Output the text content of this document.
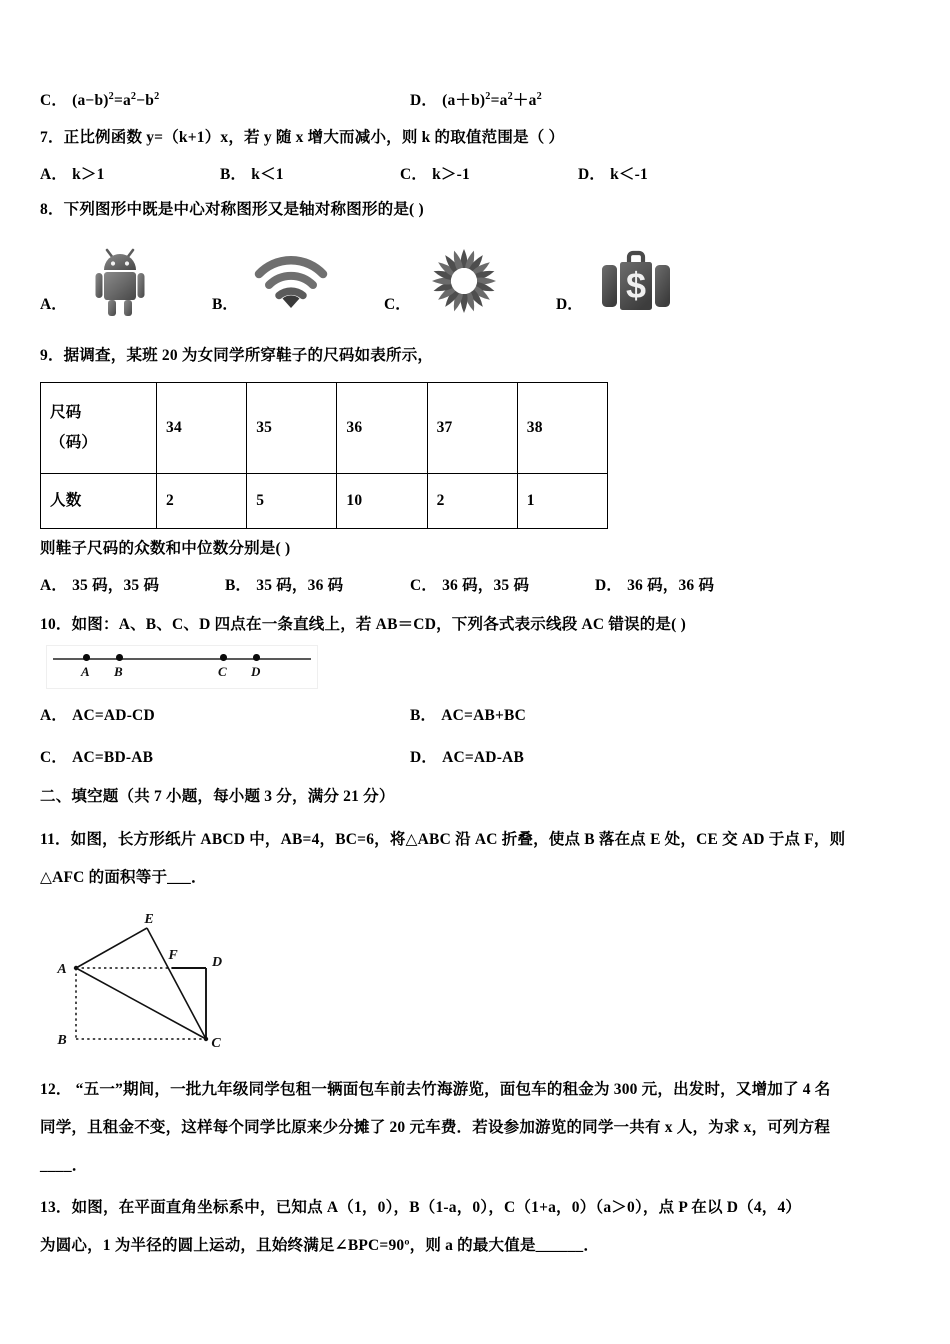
C． $(a-b)^2=a^2-b^2$	D． $(a+b)^2=a^2+a^2$
7．正比例函数 y=（k+1）x，若 y 随 x 增大而减小，则 k 的取值范围是（ ）
A． k＞1	B． k＜1	C． k＞‑1	D． k＜‑1
8．下列图形中既是中心对称图形又是轴对称图形的是( )
A．	B．	C．	D． $
9．据调查，某班 20 为女同学所穿鞋子的尺码如表所示，
尺码
（码）	34	35	36	37	38
人数	2	5	10	2	1
则鞋子尺码的众数和中位数分别是( )
A． 35 码，35 码	B． 35 码，36 码	C． 36 码，35 码	D． 36 码，36 码
10．如图：A、B、C、D 四点在一条直线上，若 AB＝CD，下列各式表示线段 AC 错误的是( )
A B	C D
A． AC=AD‑CD	B． AC=AB+BC
C． AC=BD‑AB	D． AC=AD‑AB
二、填空题（共 7 小题，每小题 3 分，满分 21 分）
11．如图，长方形纸片 ABCD 中，AB=4，BC=6，将△ABC 沿 AC 折叠，使点 B 落在点 E 处，CE 交 AD 于点 F，则
△AFC 的面积等于___．
A
B	C
D
E
F
12． “五一”期间，一批九年级同学包租一辆面包车前去竹海游览，面包车的租金为 300 元，出发时，又增加了 4 名
同学，且租金不变，这样每个同学比原来少分摊了 20 元车费．若设参加游览的同学一共有 x 人，为求 x，可列方程
____．
13．如图，在平面直角坐标系中，已知点 A（1，0），B（1‑a，0），C（1+a，0）（a＞0），点 P 在以 D（4，4）
为圆心，1 为半径的圆上运动，且始终满足∠BPC=90º，则 a 的最大值是______．
